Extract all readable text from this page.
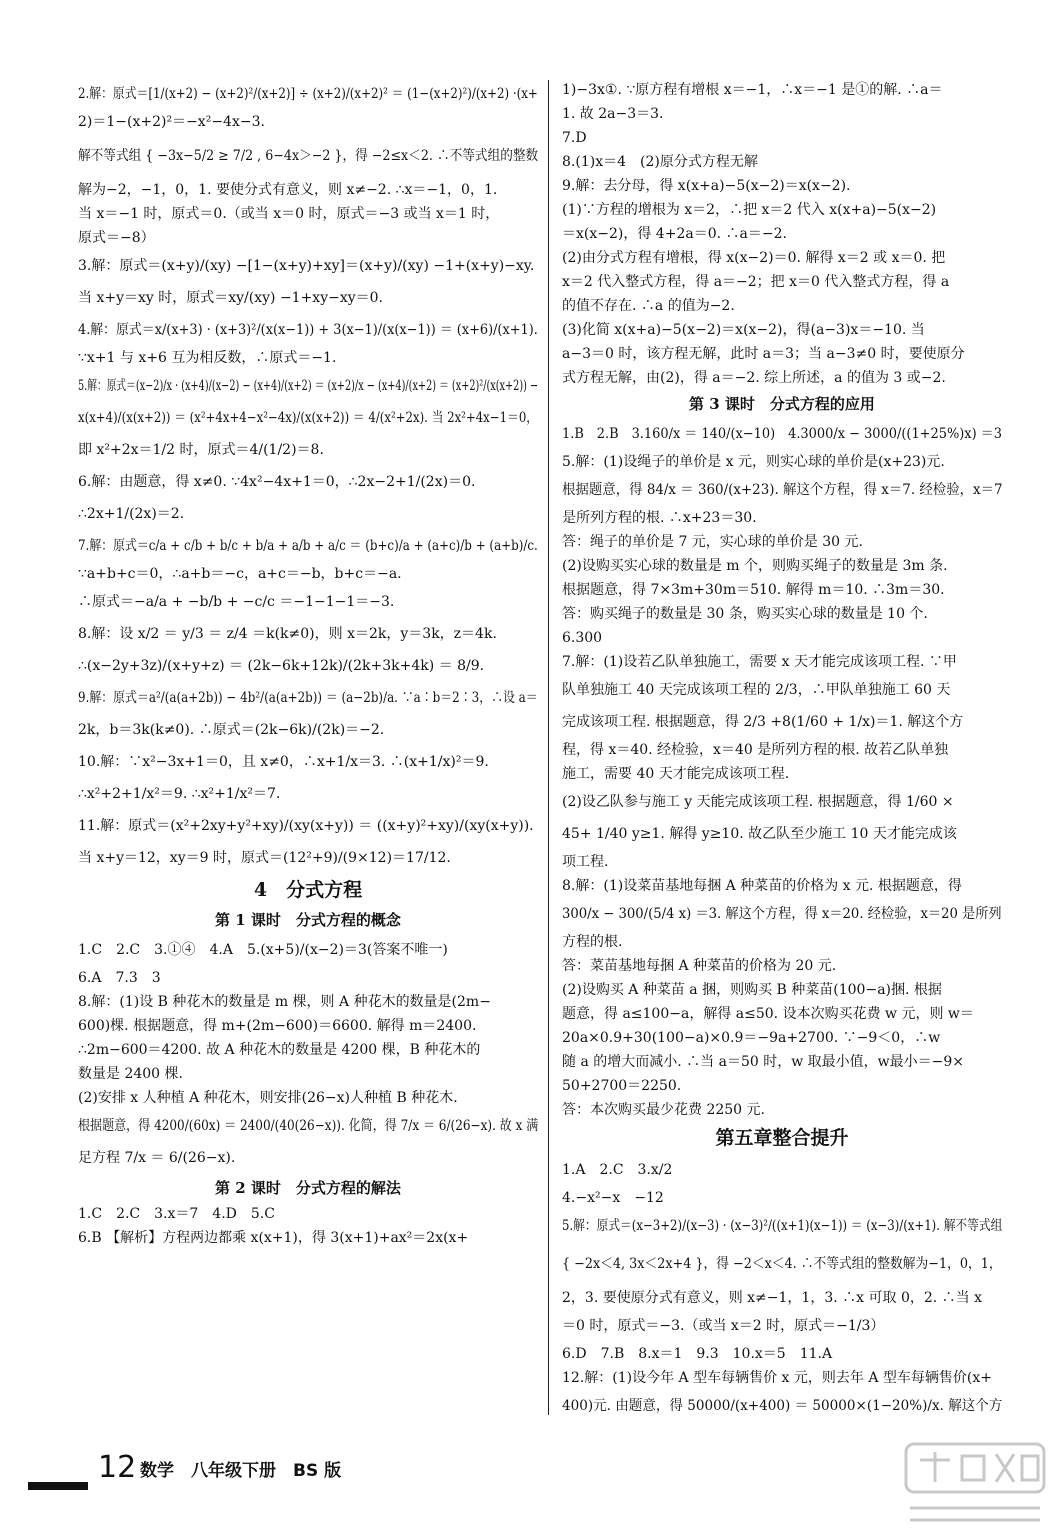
2.解：原式＝[1/(x+2) − (x+2)²/(x+2)] ÷ (x+2)/(x+2)² ＝ (1−(x+2)²)/(x+2) ·(x+
2)＝1−(x+2)²＝−x²−4x−3.
解不等式组 { −3x−5/2 ≥ 7/2 , 6−4x＞−2 }，得 −2≤x＜2. ∴不等式组的整数
解为−2，−1，0，1. 要使分式有意义，则 x≠−2. ∴x＝−1，0，1.
当 x＝−1 时，原式＝0.（或当 x＝0 时，原式＝−3 或当 x＝1 时，
原式＝−8）
3.解：原式＝(x+y)/(xy) −[1−(x+y)+xy]＝(x+y)/(xy) −1+(x+y)−xy.
当 x+y＝xy 时，原式＝xy/(xy) −1+xy−xy＝0.
4.解：原式＝x/(x+3) · (x+3)²/(x(x−1)) + 3(x−1)/(x(x−1)) ＝ (x+6)/(x+1).
∵x+1 与 x+6 互为相反数，∴原式＝−1.
5.解：原式＝(x−2)/x · (x+4)/(x−2) − (x+4)/(x+2) ＝ (x+2)/x − (x+4)/(x+2) ＝ (x+2)²/(x(x+2)) −
x(x+4)/(x(x+2)) ＝ (x²+4x+4−x²−4x)/(x(x+2)) ＝ 4/(x²+2x). 当 2x²+4x−1＝0，
即 x²+2x＝1/2 时，原式＝4/(1/2)＝8.
6.解：由题意，得 x≠0. ∵4x²−4x+1＝0，∴2x−2+1/(2x)＝0.
∴2x+1/(2x)＝2.
7.解：原式＝c/a + c/b + b/c + b/a + a/b + a/c ＝ (b+c)/a + (a+c)/b + (a+b)/c.
∵a+b+c＝0，∴a+b＝−c，a+c＝−b，b+c＝−a.
∴原式＝−a/a + −b/b + −c/c ＝−1−1−1＝−3.
8.解：设 x/2 ＝ y/3 ＝ z/4 ＝k(k≠0)，则 x＝2k，y＝3k，z＝4k.
∴(x−2y+3z)/(x+y+z) ＝ (2k−6k+12k)/(2k+3k+4k) ＝ 8/9.
9.解：原式＝a²/(a(a+2b)) − 4b²/(a(a+2b)) ＝ (a−2b)/a. ∵a∶b＝2∶3，∴设 a＝
2k，b＝3k(k≠0). ∴原式＝(2k−6k)/(2k)＝−2.
10.解：∵x²−3x+1＝0，且 x≠0，∴x+1/x＝3. ∴(x+1/x)²＝9.
∴x²+2+1/x²＝9. ∴x²+1/x²＝7.
11.解：原式＝(x²+2xy+y²+xy)/(xy(x+y)) ＝ ((x+y)²+xy)/(xy(x+y)).
当 x+y＝12，xy＝9 时，原式＝(12²+9)/(9×12)＝17/12.
4　分式方程
第 1 课时　分式方程的概念
1.C　2.C　3.①④　4.A　5.(x+5)/(x−2)＝3(答案不唯一)
6.A　7.3　3
8.解：(1)设 B 种花木的数量是 m 棵，则 A 种花木的数量是(2m−
600)棵. 根据题意，得 m+(2m−600)＝6600. 解得 m＝2400.
∴2m−600＝4200. 故 A 种花木的数量是 4200 棵，B 种花木的
数量是 2400 棵.
(2)安排 x 人种植 A 种花木，则安排(26−x)人种植 B 种花木.
根据题意，得 4200/(60x) ＝ 2400/(40(26−x)). 化简，得 7/x ＝ 6/(26−x). 故 x 满
足方程 7/x ＝ 6/(26−x).
第 2 课时　分式方程的解法
1.C　2.C　3.x＝7　4.D　5.C
6.B 【解析】方程两边都乘 x(x+1)，得 3(x+1)+ax²＝2x(x+
1)−3x①. ∵原方程有增根 x＝−1，∴x＝−1 是①的解. ∴a＝
1. 故 2a−3＝3.
7.D
8.(1)x＝4　(2)原分式方程无解
9.解：去分母，得 x(x+a)−5(x−2)＝x(x−2).
(1)∵方程的增根为 x＝2，∴把 x＝2 代入 x(x+a)−5(x−2)
＝x(x−2)，得 4+2a＝0. ∴a＝−2.
(2)由分式方程有增根，得 x(x−2)＝0. 解得 x＝2 或 x＝0. 把
x＝2 代入整式方程，得 a＝−2；把 x＝0 代入整式方程，得 a
的值不存在. ∴a 的值为−2.
(3)化简 x(x+a)−5(x−2)＝x(x−2)，得(a−3)x＝−10. 当
a−3＝0 时，该方程无解，此时 a＝3；当 a−3≠0 时，要使原分
式方程无解，由(2)，得 a＝−2. 综上所述，a 的值为 3 或−2.
第 3 课时　分式方程的应用
1.B　2.B　3.160/x ＝ 140/(x−10)　4.3000/x − 3000/((1+25%)x) ＝3
5.解：(1)设绳子的单价是 x 元，则实心球的单价是(x+23)元.
根据题意，得 84/x ＝ 360/(x+23). 解这个方程，得 x＝7. 经检验，x＝7
是所列方程的根. ∴x+23＝30.
答：绳子的单价是 7 元，实心球的单价是 30 元.
(2)设购买实心球的数量是 m 个，则购买绳子的数量是 3m 条.
根据题意，得 7×3m+30m＝510. 解得 m＝10. ∴3m＝30.
答：购买绳子的数量是 30 条，购买实心球的数量是 10 个.
6.300
7.解：(1)设若乙队单独施工，需要 x 天才能完成该项工程. ∵甲
队单独施工 40 天完成该项工程的 2/3，∴甲队单独施工 60 天
完成该项工程. 根据题意，得 2/3 +8(1/60 + 1/x)＝1. 解这个方
程，得 x＝40. 经检验，x＝40 是所列方程的根. 故若乙队单独
施工，需要 40 天才能完成该项工程.
(2)设乙队参与施工 y 天能完成该项工程. 根据题意，得 1/60 ×
45+ 1/40 y≥1. 解得 y≥10. 故乙队至少施工 10 天才能完成该
项工程.
8.解：(1)设菜苗基地每捆 A 种菜苗的价格为 x 元. 根据题意，得
300/x − 300/(5/4 x) ＝3. 解这个方程，得 x＝20. 经检验，x＝20 是所列
方程的根.
答：菜苗基地每捆 A 种菜苗的价格为 20 元.
(2)设购买 A 种菜苗 a 捆，则购买 B 种菜苗(100−a)捆. 根据
题意，得 a≤100−a，解得 a≤50. 设本次购买花费 w 元，则 w＝
20a×0.9+30(100−a)×0.9＝−9a+2700. ∵−9＜0，∴w
随 a 的增大而减小. ∴当 a＝50 时，w 取最小值，w最小＝−9×
50+2700＝2250.
答：本次购买最少花费 2250 元.
第五章整合提升
1.A　2.C　3.x/2
4.−x²−x　−12
5.解：原式＝(x−3+2)/(x−3) · (x−3)²/((x+1)(x−1)) ＝ (x−3)/(x+1). 解不等式组
{ −2x＜4, 3x＜2x+4 }，得 −2＜x＜4. ∴不等式组的整数解为−1，0，1，
2，3. 要使原分式有意义，则 x≠−1，1，3. ∴x 可取 0，2. ∴当 x
＝0 时，原式＝−3.（或当 x＝2 时，原式＝−1/3）
6.D　7.B　8.x＝1　9.3　10.x＝5　11.A
12.解：(1)设今年 A 型车每辆售价 x 元，则去年 A 型车每辆售价(x+
400)元. 由题意，得 50000/(x+400) ＝ 50000×(1−20%)/x. 解这个方
12 数学　八年级下册　BS 版
